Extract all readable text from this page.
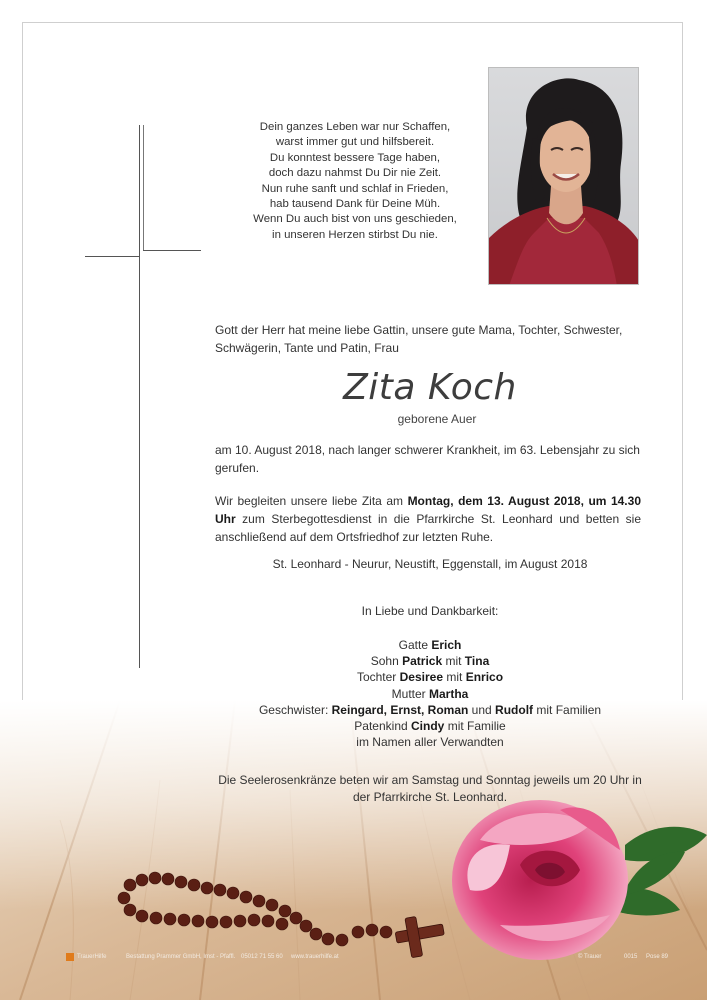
Dein ganzes Leben war nur Schaffen,
warst immer gut und hilfsbereit.
Du konntest bessere Tage haben,
doch dazu nahmst Du Dir nie Zeit.
Nun ruhe sanft und schlaf in Frieden,
hab tausend Dank für Deine Müh.
Wenn Du auch bist von uns geschieden,
in unseren Herzen stirbst Du nie.
Gott der Herr hat meine liebe Gattin, unsere gute Mama, Tochter, Schwester, Schwägerin, Tante und Patin, Frau
Zita Koch
geborene Auer
am 10. August 2018, nach langer schwerer Krankheit, im 63. Lebensjahr zu sich gerufen.
Wir begleiten unsere liebe Zita am Montag, dem 13. August 2018, um 14.30 Uhr zum Sterbegottesdienst in die Pfarrkirche St. Leonhard und betten sie anschließend auf dem Ortsfriedhof zur letzten Ruhe.
St. Leonhard - Neurur, Neustift, Eggenstall, im August 2018
In Liebe und Dankbarkeit:
Gatte Erich
Sohn Patrick mit Tina
Tochter Desiree mit Enrico
Mutter Martha
Geschwister: Reingard, Ernst, Roman und Rudolf mit Familien
Patenkind Cindy mit Familie
im Namen aller Verwandten
Die Seelerosenkränze beten wir am Samstag und Sonntag jeweils um 20 Uhr in der Pfarrkirche St. Leonhard.
TrauerHilfe	Bestattung Prammer GmbH, Imst - Pfaffl. 05012 71 55 60 www.trauerhilfe.at	© Trauer	0015 Pose 89
